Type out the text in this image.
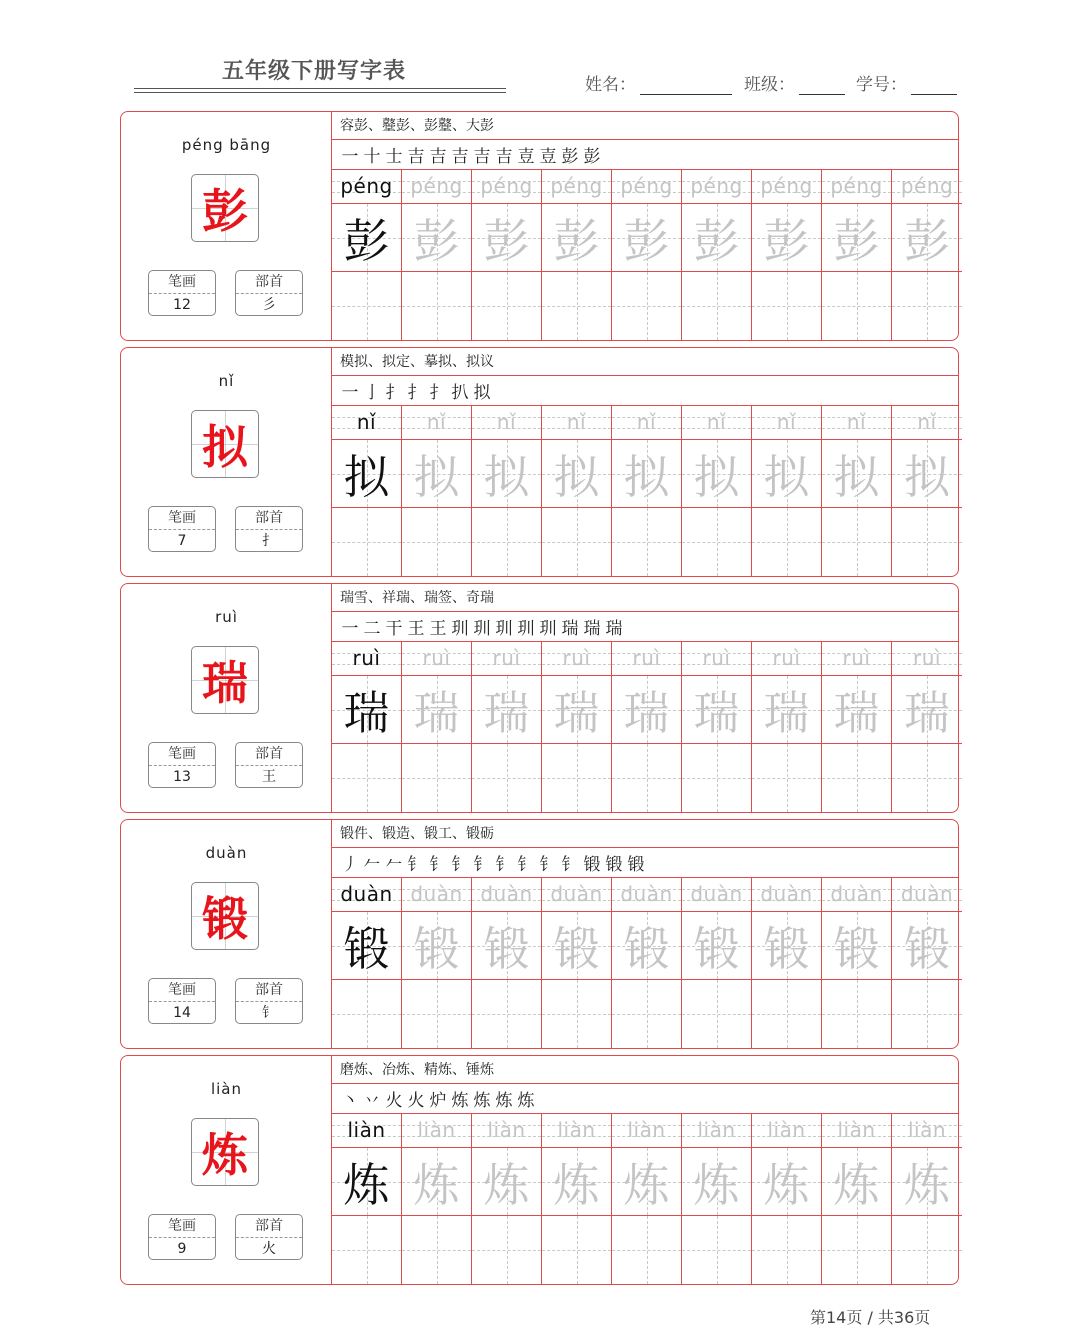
五年级下册写字表
姓名：	班级：	学号：
péng bāng
彭
笔画
12
部首
彡
容彭、鼞彭、彭鼞、大彭
一 十 士 吉 吉 吉 吉 吉 壴 壴 彭 彭
péng
彭
péng
彭
péng
彭
péng
彭
péng
彭
péng
彭
péng
彭
péng
彭
péng
彭
nǐ
拟
笔画
7
部首
扌
模拟、拟定、摹拟、拟议
一 亅 扌 扌 扌 扒 拟
nǐ
拟
nǐ
拟
nǐ
拟
nǐ
拟
nǐ
拟
nǐ
拟
nǐ
拟
nǐ
拟
nǐ
拟
ruì
瑞
笔画
13
部首
王
瑞雪、祥瑞、瑞签、奇瑞
一 二 干 王 王 玔 玔 玔 玔 玔 瑞 瑞 瑞
ruì
瑞
ruì
瑞
ruì
瑞
ruì
瑞
ruì
瑞
ruì
瑞
ruì
瑞
ruì
瑞
ruì
瑞
duàn
锻
笔画
14
部首
钅
锻件、锻造、锻工、锻砺
丿 𠂉 𠂉 钅 钅 钅 钅 钅 钅 钅 钅 锻 锻 锻
duàn
锻
duàn
锻
duàn
锻
duàn
锻
duàn
锻
duàn
锻
duàn
锻
duàn
锻
duàn
锻
liàn
炼
笔画
9
部首
火
磨炼、冶炼、精炼、锤炼
丶 丷 火 火 炉 炼 炼 炼 炼
liàn
炼
liàn
炼
liàn
炼
liàn
炼
liàn
炼
liàn
炼
liàn
炼
liàn
炼
liàn
炼
第14页 / 共36页
